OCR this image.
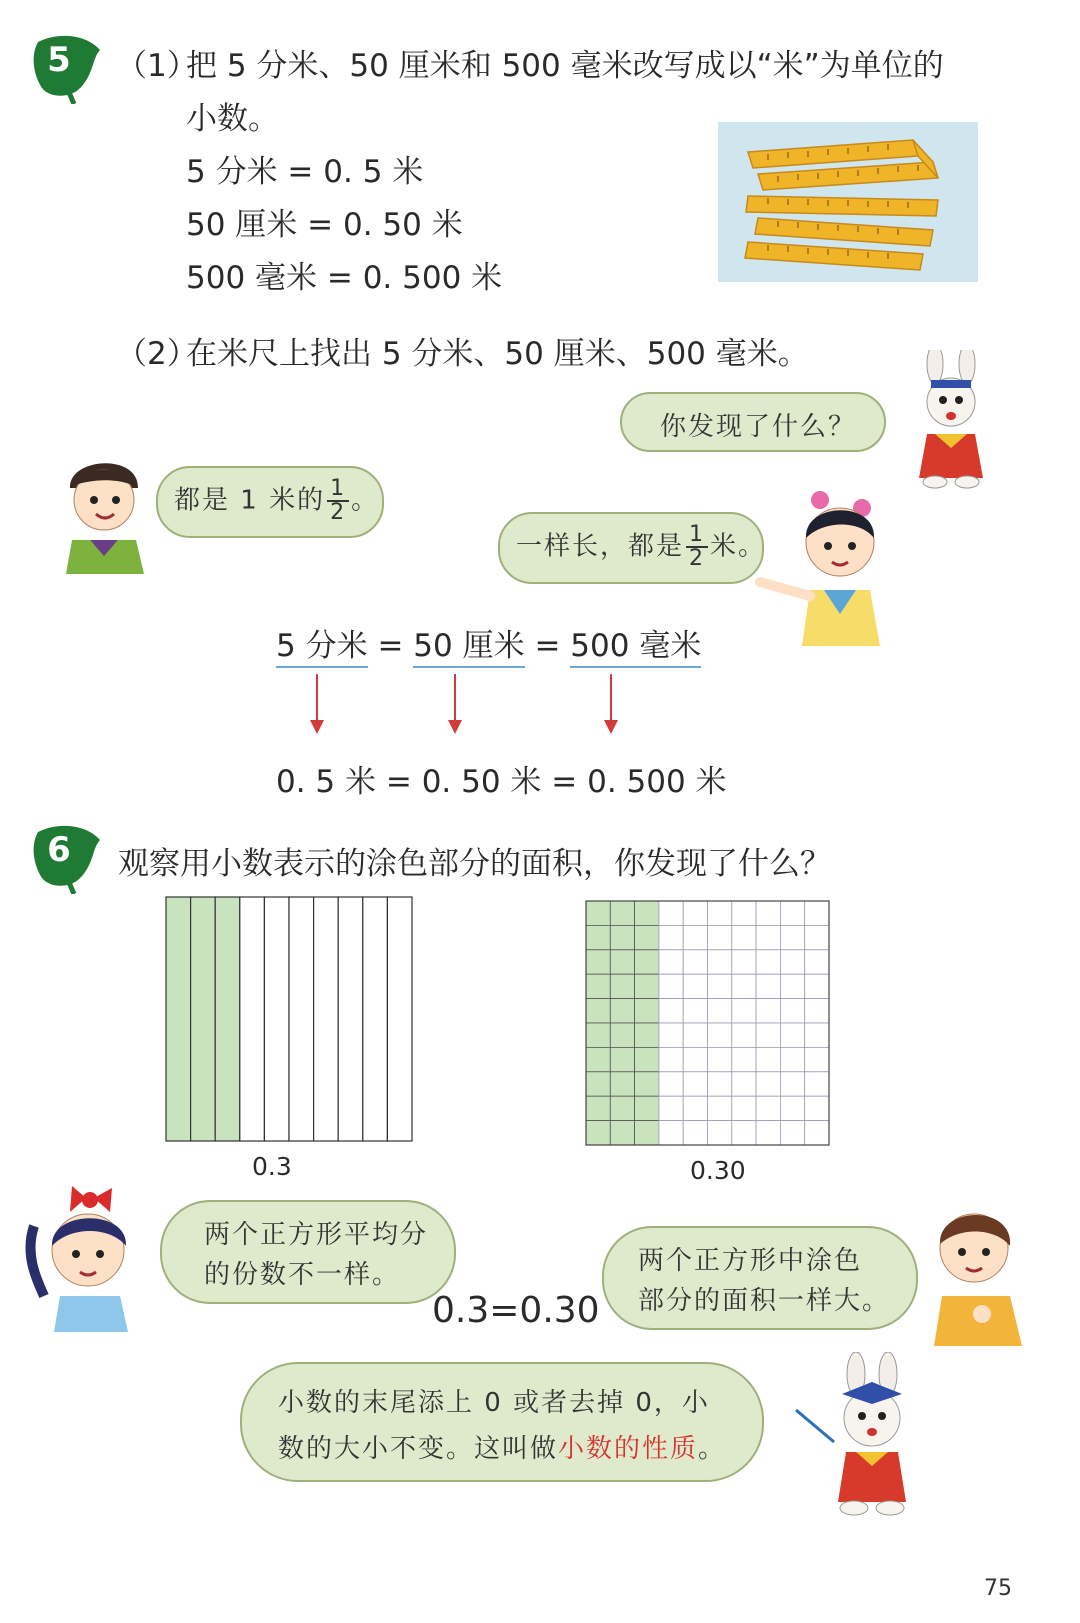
5	（1）
把 5 分米、50 厘米和 500 毫米改写成以“米”为单位的
小数。
5 分米 = 0. 5 米
50 厘米 = 0. 50 米
500 毫米 = 0. 500 米
（2）
在米尺上找出 5 分米、50 厘米、500 毫米。
你发现了什么？
都是 1 米的 $\frac{1}{2}$ 。
一样长，都是 $\frac{1}{2}$ 米。
5 分米 = 50 厘米 = 500 毫米
0. 5 米 = 0. 50 米 = 0. 500 米
6	观察用小数表示的涂色部分的面积，你发现了什么？
0.3	0.30
两个正方形平均分
的份数不一样。
0.3=0.30
两个正方形中涂色
部分的面积一样大。
小数的末尾添上 0 或者去掉 0，小
数的大小不变。这叫做小数的性质。
75
